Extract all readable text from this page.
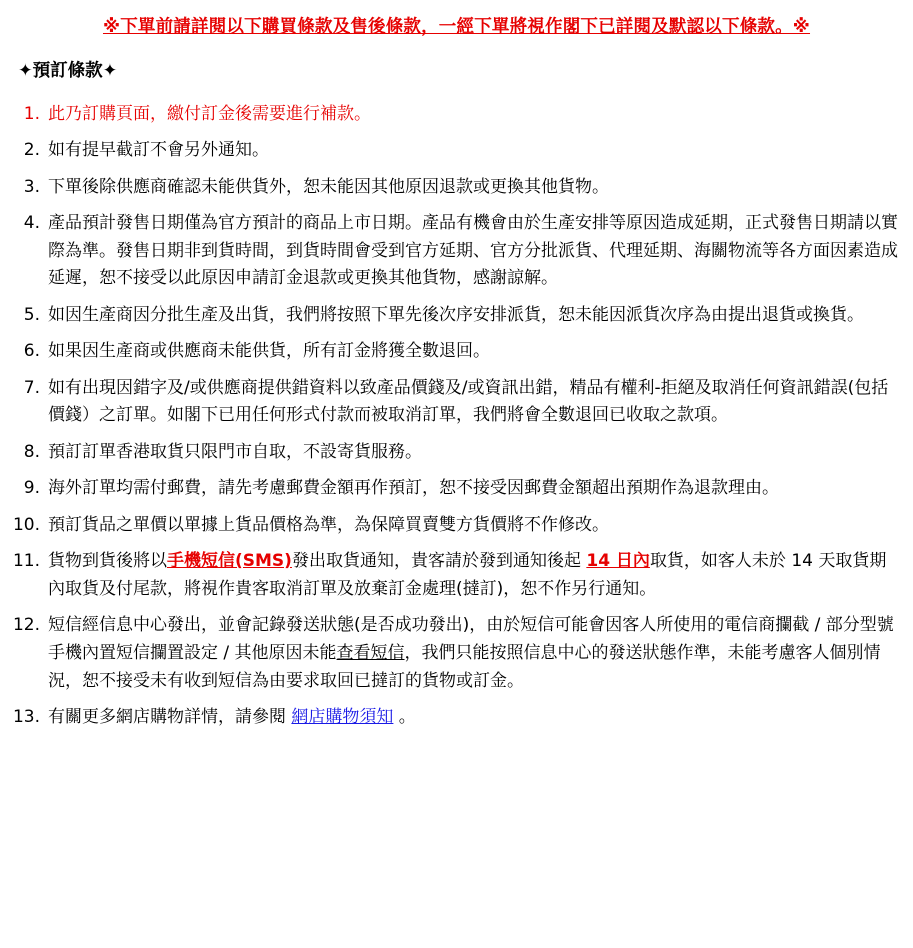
※下單前請詳閱以下購買條款及售後條款，一經下單將視作閣下已詳閱及默認以下條款。※
✦預訂條款✦
此乃訂購頁面，繳付訂金後需要進行補款。
如有提早截訂不會另外通知。
下單後除供應商確認未能供貨外，恕未能因其他原因退款或更換其他貨物。
產品預計發售日期僅為官方預計的商品上市日期。產品有機會由於生產安排等原因造成延期，正式發售日期請以實際為準。發售日期非到貨時間，到貨時間會受到官方延期、官方分批派貨、代理延期、海關物流等各方面因素造成延遲，恕不接受以此原因申請訂金退款或更換其他貨物，感謝諒解。
如因生產商因分批生產及出貨，我們將按照下單先後次序安排派貨，恕未能因派貨次序為由提出退貨或換貨。
如果因生產商或供應商未能供貨，所有訂金將獲全數退回。
如有出現因錯字及/或供應商提供錯資料以致產品價錢及/或資訊出錯，精品有權利-拒絕及取消任何資訊錯誤(包括價錢）之訂單。如閣下已用任何形式付款而被取消訂單，我們將會全數退回已收取之款項。
預訂訂單香港取貨只限門市自取，不設寄貨服務。
海外訂單均需付郵費，請先考慮郵費金額再作預訂，恕不接受因郵費金額超出預期作為退款理由。
預訂貨品之單價以單據上貨品價格為準，為保障買賣雙方貨價將不作修改。
貨物到貨後將以手機短信(SMS)發出取貨通知，貴客請於發到通知後起 14 日內取貨，如客人未於 14 天取貨期內取貨及付尾款，將視作貴客取消訂單及放棄訂金處理(撻訂)，恕不作另行通知。
短信經信息中心發出，並會記錄發送狀態(是否成功發出)，由於短信可能會因客人所使用的電信商攔截 / 部分型號手機內置短信攔置設定 / 其他原因未能查看短信，我們只能按照信息中心的發送狀態作準，未能考慮客人個別情況，恕不接受未有收到短信為由要求取回已撻訂的貨物或訂金。
有關更多網店購物詳情，請參閱 網店購物須知 。
